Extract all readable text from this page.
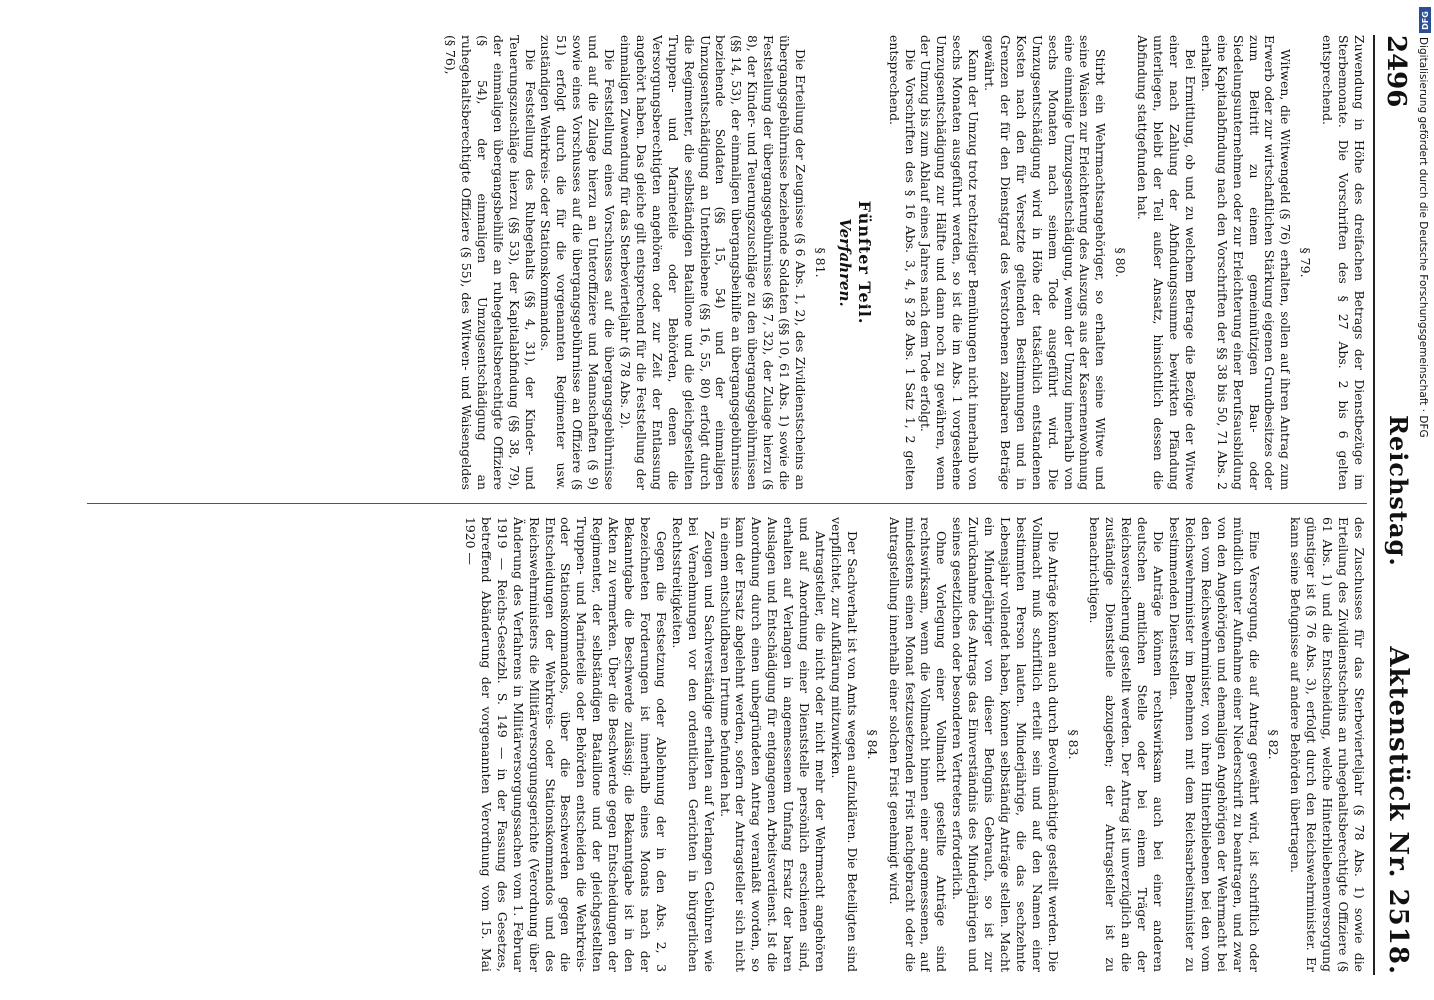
2496
Reichstag.
Aktenstück Nr. 2518.

Zuwendung in Höhe des dreifachen Betrags der Dienstbezüge im Sterbemonate. Die Vorschriften des § 27 Abs. 2 bis 6 gelten entsprechend.

§ 79.

Witwen, die Witwengeld (§ 76) erhalten, sollen auf ihren Antrag zum Erwerb oder zur wirtschaftlichen Stärkung eigenen Grundbesitzes oder zum Beitritt zu einem gemeinnützigen Bau- oder Siedelungsunternehmen oder zur Erleichterung einer Berufsausbildung eine Kapitalabfindung nach den Vorschriften der §§ 38 bis 50, 71 Abs. 2 erhalten.

Bei Ermittlung, ob und zu welchem Betrage die Bezüge der Witwe einer nach Zahlung der Abfindungssumme bewirkten Pfändung unterliegen, bleibt der Teil außer Ansatz, hinsichtlich dessen die Abfindung stattgefunden hat.

§ 80.

Stirbt ein Wehrmachtsangehöriger, so erhalten seine Witwe und seine Waisen zur Erleichterung des Auszugs aus der Kasernenwohnung eine einmalige Umzugsentschädigung, wenn der Umzug innerhalb von sechs Monaten nach seinem Tode ausgeführt wird. Die Umzugsentschädigung wird in Höhe der tatsächlich entstandenen Kosten nach den für Versetzte geltenden Bestimmungen und in Grenzen der für den Dienstgrad des Verstorbenen zahlbaren Beträge gewährt.

Kann der Umzug trotz rechtzeitiger Bemühungen nicht innerhalb von sechs Monaten ausgeführt werden, so ist die im Abs. 1 vorgesehene Umzugsentschädigung zur Hälfte und dann noch zu gewähren, wenn der Umzug bis zum Ablauf eines Jahres nach dem Tode erfolgt.

Die Vorschriften des § 16 Abs. 3, 4, § 28 Abs. 1 Satz 1, 2 gelten entsprechend.

Fünfter Teil.
Verfahren.
§ 81.

Die Erteilung der Zeugnisse (§ 6 Abs. 1, 2), des Zivildienstscheins an übergangsgebührnisse beziehende Soldaten (§§ 10, 61 Abs. 1) sowie die Feststellung der übergangsgebührnisse (§§ 7, 32), der Zulage hierzu (§ 8), der Kinder- und Teuerungszuschläge zu den übergangsgebührnissen (§§ 14, 53), der einmaligen übergangsbeihilfe an übergangsgebührnisse beziehende Soldaten (§§ 15, 54) und der einmaligen Umzugsentschädigung an Unterbliebene (§§ 16, 55, 80) erfolgt durch die Regimenter, die selbständigen Bataillone und die gleichgestellten Truppen- und Marineteile oder Behörden, denen die Versorgungsberechtigten angehören oder zur Zeit der Entlassung angehört haben. Das gleiche gilt entsprechend für die Feststellung der einmaligen Zuwendung für das Sterbevierteljahr (§ 78 Abs. 2).

Die Feststellung eines Vorschusses auf die übergangsgebührnisse und auf die Zulage hierzu an Unteroffiziere und Mannschaften (§ 9) sowie eines Vorschusses auf die übergangsgebührnisse an Offiziere (§ 51) erfolgt durch die für die vorgenannten Regimenter usw. zuständigen Wehrkreis- oder Stationskommandos.

Die Feststellung des Ruhegehalts (§§ 4, 31), der Kinder- und Teuerungszuschläge hierzu (§§ 53), der Kapitalabfindung (§§ 38, 79), der einmaligen übergangsbeihilfe an ruhegehaltsberechtigte Offiziere (§ 54), der einmaligen Umzugsentschädigung an ruhegehaltsberechtigte Offiziere (§ 55), des Witwen- und Waisengeldes (§ 76),

des Zuschusses für das Sterbevierteljahr (§ 78 Abs. 1) sowie die Erteilung des Zivildienstscheins an ruhegehaltsberechtigte Offiziere (§ 61 Abs. 1) und die Entscheidung, welche Hinterbliebenenversorgung günstiger ist (§ 76 Abs. 3), erfolgt durch den Reichswehrminister. Er kann seine Befugnisse auf andere Behörden übertragen.

§ 82.

Eine Versorgung, die auf Antrag gewährt wird, ist schriftlich oder mündlich unter Aufnahme einer Niederschrift zu beantragen, und zwar von den Angehörigen und ehemaligen Angehörigen der Wehrmacht bei den vom Reichswehrminister, von ihren Hinterbliebenen bei den vom Reichswehrminister im Benehmen mit dem Reichsarbeitsminister zu bestimmenden Dienststellen.

Die Anträge können rechtswirksam auch bei einer anderen deutschen amtlichen Stelle oder bei einem Träger der Reichsversicherung gestellt werden. Der Antrag ist unverzüglich an die zuständige Dienststelle abzugeben; der Antragsteller ist zu benachrichtigen.

§ 83.

Die Anträge können auch durch Bevollmächtigte gestellt werden. Die Vollmacht muß schriftlich erteilt sein und auf den Namen einer bestimmten Person lauten. Minderjährige, die das sechzehnte Lebensjahr vollendet haben, können selbständig Anträge stellen. Macht ein Minderjähriger von dieser Befugnis Gebrauch, so ist zur Zurücknahme des Antrags das Einverständnis des Minderjährigen und seines gesetzlichen oder besonderen Vertreters erforderlich.

Ohne Vorlegung einer Vollmacht gestellte Anträge sind rechtswirksam, wenn die Vollmacht binnen einer angemessenen, auf mindestens einen Monat festzusetzenden Frist nachgebracht oder die Antragstellung innerhalb einer solchen Frist genehmigt wird.

§ 84.

Der Sachverhalt ist von Amts wegen aufzuklären. Die Beteiligten sind verpflichtet, zur Aufklärung mitzuwirken.

Antragsteller, die nicht oder nicht mehr der Wehrmacht angehören und auf Anordnung einer Dienststelle persönlich erschienen sind, erhalten auf Verlangen in angemessenem Umfang Ersatz der baren Auslagen und Entschädigung für entgangenen Arbeitsverdienst. Ist die Anordnung durch einen unbegründeten Antrag veranlaßt worden, so kann der Ersatz abgelehnt werden, sofern der Antragsteller sich nicht in einem entschuldbaren Irrtume befunden hat.

Zeugen und Sachverständige erhalten auf Verlangen Gebühren wie bei Vernehmungen vor den ordentlichen Gerichten in bürgerlichen Rechtsstreitigkeiten.

Gegen die Festsetzung oder Ablehnung der in den Abs. 2, 3 bezeichneten Forderungen ist innerhalb eines Monats nach der Bekanntgabe die Beschwerde zulässig; die Bekanntgabe ist in den Akten zu vermerken. Über die Beschwerde gegen Entscheidungen der Regimenter, der selbständigen Bataillone und der gleichgestellten Truppen- und Marineteile oder Behörden entscheiden die Wehrkreis- oder Stationskommandos, über die Beschwerden gegen die Entscheidungen der Wehrkreis- oder Stationskommandos und des Reichswehrministers die Militärversorgungsgerichte (Verordnung über Änderung des Verfahrens in Militärversorgungssachen vom 1. Februar 1919 — Reichs-Gesetzbl. S. 149 — in der Fassung des Gesetzes, betreffend Abänderung der vorgenannten Verordnung vom 15. Mai 1920 —

DFG
Digitalisierung gefördert durch die Deutsche Forschungsgemeinschaft · DFG
